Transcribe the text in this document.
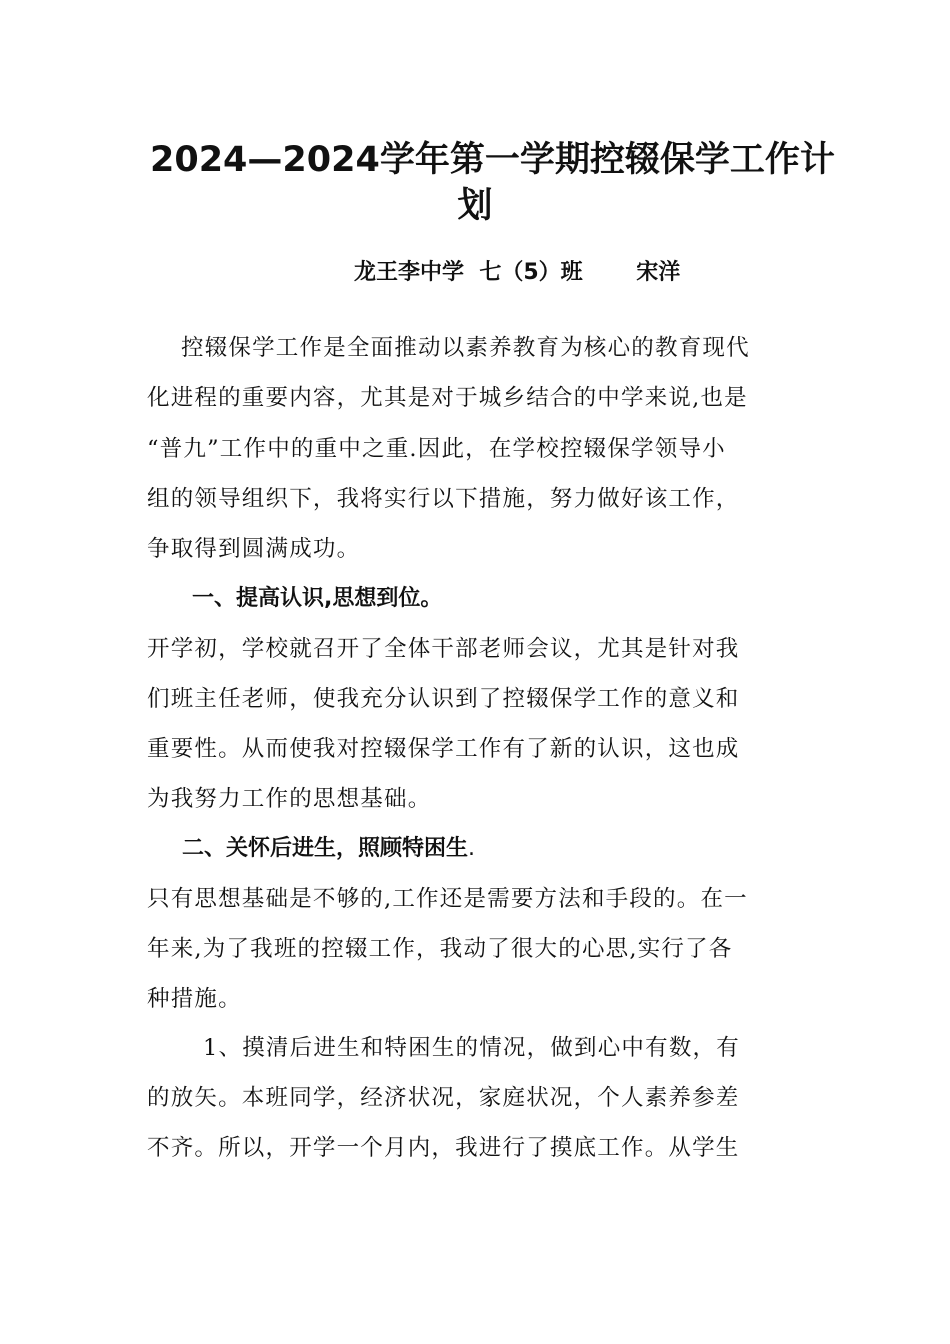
2024—2024学年第一学期控辍保学工作计
划
龙王李中学  七（5）班       宋洋
控辍保学工作是全面推动以素养教育为核心的教育现代
化进程的重要内容，尤其是对于城乡结合的中学来说,也是
“普九”工作中的重中之重.因此，在学校控辍保学领导小
组的领导组织下，我将实行以下措施，努力做好该工作，
争取得到圆满成功。
一、提高认识,思想到位。
开学初，学校就召开了全体干部老师会议，尤其是针对我
们班主任老师，使我充分认识到了控辍保学工作的意义和
重要性。从而使我对控辍保学工作有了新的认识，这也成
为我努力工作的思想基础。
二、关怀后进生，照顾特困生.
只有思想基础是不够的,工作还是需要方法和手段的。在一
年来,为了我班的控辍工作，我动了很大的心思,实行了各
种措施。
1、摸清后进生和特困生的情况，做到心中有数，有
的放矢。本班同学，经济状况，家庭状况，个人素养参差
不齐。所以，开学一个月内，我进行了摸底工作。从学生
